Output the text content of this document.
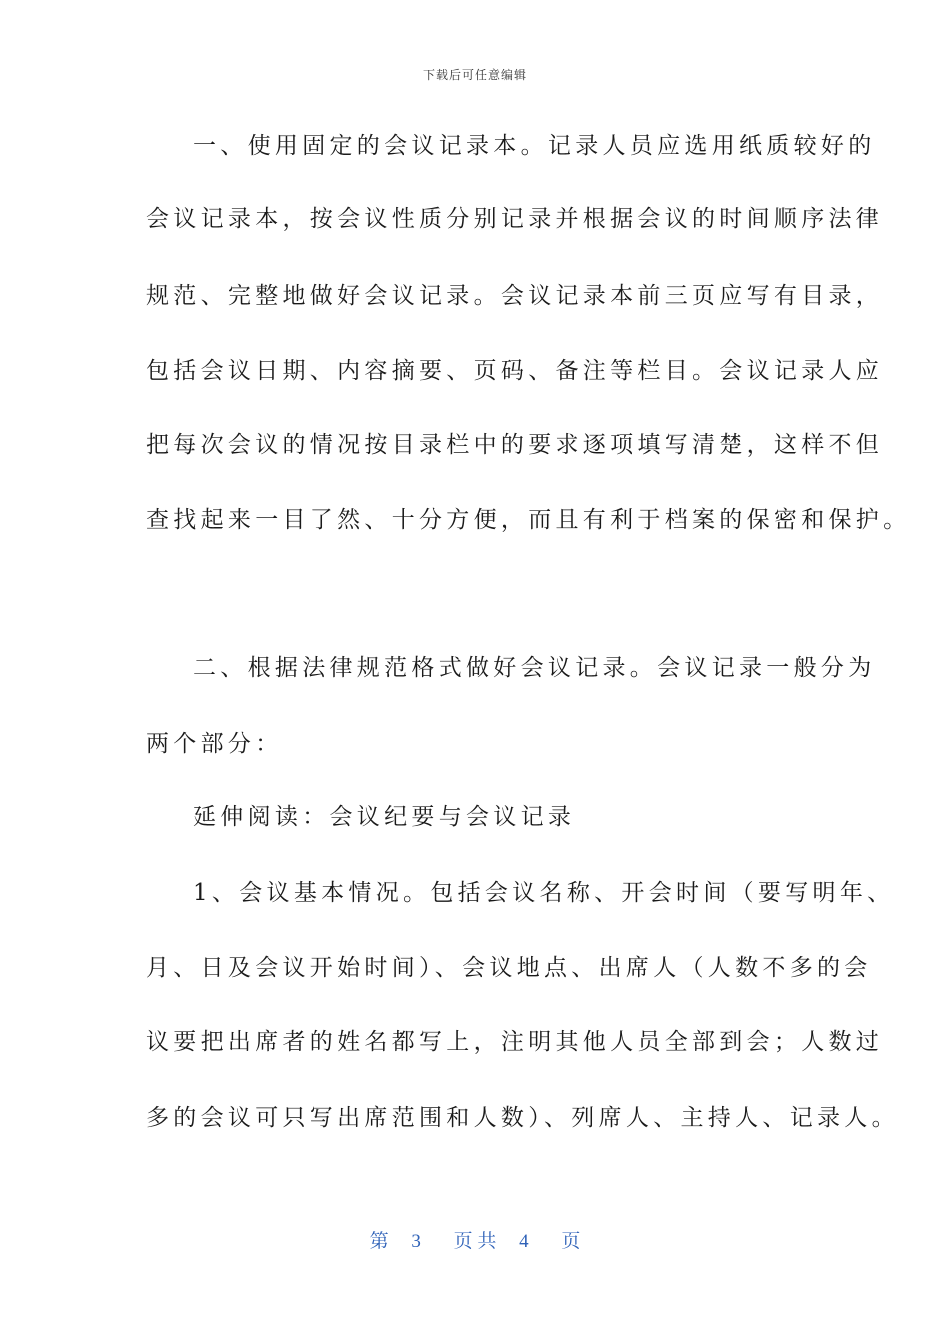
下载后可任意编辑
一、使用固定的会议记录本。记录人员应选用纸质较好的
会议记录本，按会议性质分别记录并根据会议的时间顺序法律
规范、完整地做好会议记录。会议记录本前三页应写有目录，
包括会议日期、内容摘要、页码、备注等栏目。会议记录人应
把每次会议的情况按目录栏中的要求逐项填写清楚，这样不但
查找起来一目了然、十分方便，而且有利于档案的保密和保护。
二、根据法律规范格式做好会议记录。会议记录一般分为
两个部分：
延伸阅读：会议纪要与会议记录
1、会议基本情况。包括会议名称、开会时间（要写明年、
月、日及会议开始时间）、会议地点、出席人（人数不多的会
议要把出席者的姓名都写上，注明其他人员全部到会；人数过
多的会议可只写出席范围和人数）、列席人、主持人、记录人。
第 3 页 共 4 页
